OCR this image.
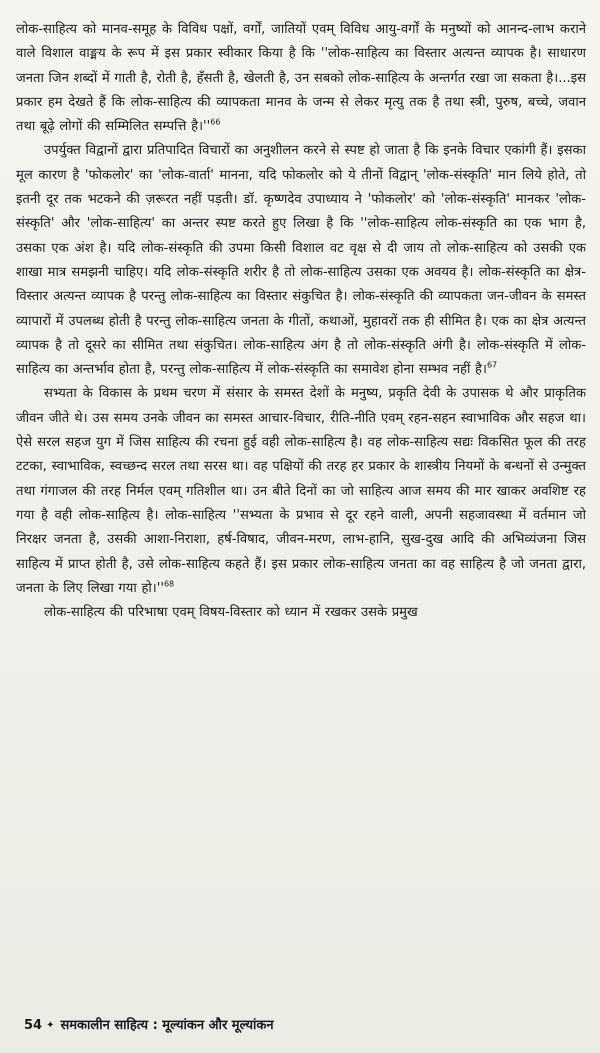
लोक-साहित्य को मानव-समूह के विविध पक्षों, वर्गों, जातियों एवम् विविध आयु-वर्गों के मनुष्यों को आनन्द-लाभ कराने वाले विशाल वाङ्मय के रूप में इस प्रकार स्वीकार किया है कि ''लोक-साहित्य का विस्तार अत्यन्त व्यापक है। साधारण जनता जिन शब्दों में गाती है, रोती है, हँसती है, खेलती है, उन सबको लोक-साहित्य के अन्तर्गत रखा जा सकता है।...इस प्रकार हम देखते हैं कि लोक-साहित्य की व्यापकता मानव के जन्म से लेकर मृत्यु तक है तथा स्त्री, पुरुष, बच्चे, जवान तथा बूढ़े लोगों की सम्मिलित सम्पत्ति है।''$^{66}$

उपर्युक्त विद्वानों द्वारा प्रतिपादित विचारों का अनुशीलन करने से स्पष्ट हो जाता है कि इनके विचार एकांगी हैं। इसका मूल कारण है 'फोकलोर' का 'लोक-वार्ता' मानना, यदि फोकलोर को ये तीनों विद्वान् 'लोक-संस्कृति' मान लिये होते, तो इतनी दूर तक भटकने की ज़रूरत नहीं पड़ती। डॉ. कृष्णदेव उपाध्याय ने 'फोकलोर' को 'लोक-संस्कृति' मानकर 'लोक-संस्कृति' और 'लोक-साहित्य' का अन्तर स्पष्ट करते हुए लिखा है कि ''लोक-साहित्य लोक-संस्कृति का एक भाग है, उसका एक अंश है। यदि लोक-संस्कृति की उपमा किसी विशाल वट वृक्ष से दी जाय तो लोक-साहित्य को उसकी एक शाखा मात्र समझनी चाहिए। यदि लोक-संस्कृति शरीर है तो लोक-साहित्य उसका एक अवयव है। लोक-संस्कृति का क्षेत्र-विस्तार अत्यन्त व्यापक है परन्तु लोक-साहित्य का विस्तार संकुचित है। लोक-संस्कृति की व्यापकता जन-जीवन के समस्त व्यापारों में उपलब्ध होती है परन्तु लोक-साहित्य जनता के गीतों, कथाओं, मुहावरों तक ही सीमित है। एक का क्षेत्र अत्यन्त व्यापक है तो दूसरे का सीमित तथा संकुचित। लोक-साहित्य अंग है तो लोक-संस्कृति अंगी है। लोक-संस्कृति में लोक-साहित्य का अन्तर्भाव होता है, परन्तु लोक-साहित्य में लोक-संस्कृति का समावेश होना सम्भव नहीं है।$^{67}$

सभ्यता के विकास के प्रथम चरण में संसार के समस्त देशों के मनुष्य, प्रकृति देवी के उपासक थे और प्राकृतिक जीवन जीते थे। उस समय उनके जीवन का समस्त आचार-विचार, रीति-नीति एवम् रहन-सहन स्वाभाविक और सहज था। ऐसे सरल सहज युग में जिस साहित्य की रचना हुई वही लोक-साहित्य है। वह लोक-साहित्य सद्यः विकसित फूल की तरह टटका, स्वाभाविक, स्वच्छन्द सरल तथा सरस था। वह पक्षियों की तरह हर प्रकार के शास्त्रीय नियमों के बन्धनों से उन्मुक्त तथा गंगाजल की तरह निर्मल एवम् गतिशील था। उन बीते दिनों का जो साहित्य आज समय की मार खाकर अवशिष्ट रह गया है वही लोक-साहित्य है। लोक-साहित्य ''सभ्यता के प्रभाव से दूर रहने वाली, अपनी सहजावस्था में वर्तमान जो निरक्षर जनता है, उसकी आशा-निराशा, हर्ष-विषाद, जीवन-मरण, लाभ-हानि, सुख-दुख आदि की अभिव्यंजना जिस साहित्य में प्राप्त होती है, उसे लोक-साहित्य कहते हैं। इस प्रकार लोक-साहित्य जनता का वह साहित्य है जो जनता द्वारा, जनता के लिए लिखा गया हो।''$^{68}$

लोक-साहित्य की परिभाषा एवम् विषय-विस्तार को ध्यान में रखकर उसके प्रमुख

54 ✦ समकालीन साहित्य : मूल्यांकन और मूल्यांकन
